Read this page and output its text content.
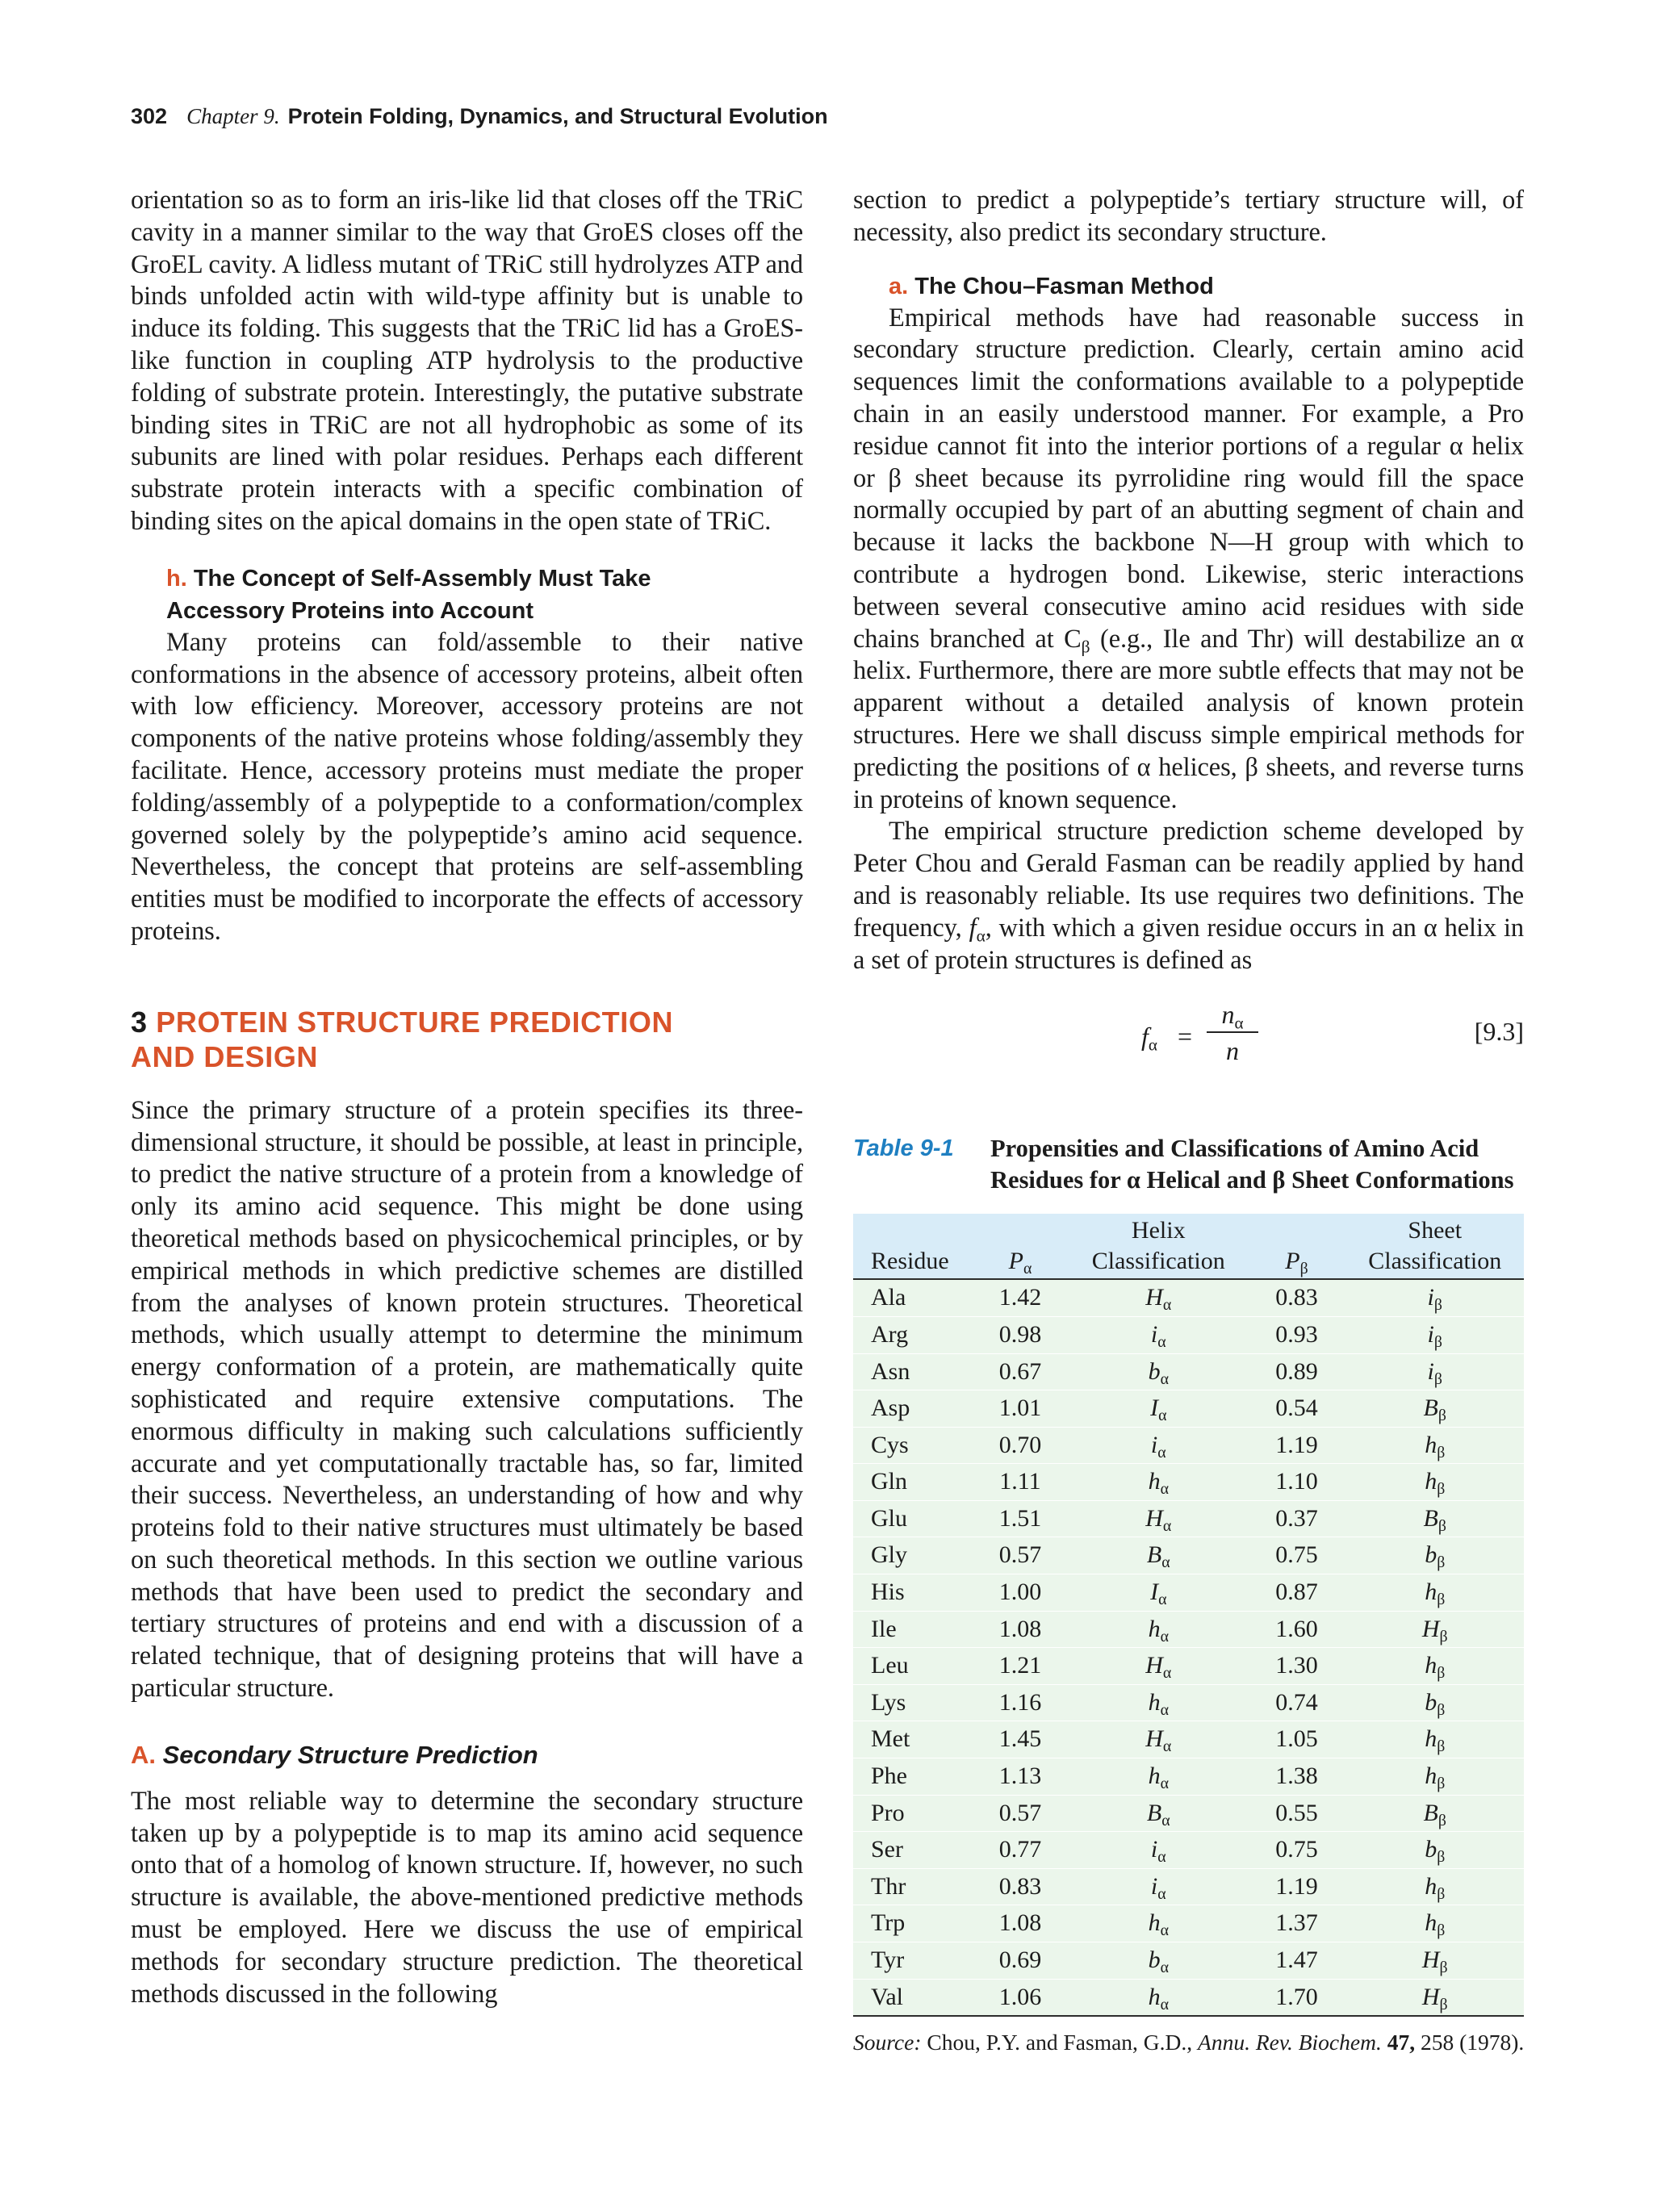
302 Chapter 9. Protein Folding, Dynamics, and Structural Evolution

orientation so as to form an iris-like lid that closes off the TRiC cavity in a manner similar to the way that GroES closes off the GroEL cavity. A lidless mutant of TRiC still hydrolyzes ATP and binds unfolded actin with wild-type affinity but is unable to induce its folding. This suggests that the TRiC lid has a GroES-like function in coupling ATP hydrolysis to the productive folding of substrate protein. Interestingly, the putative substrate binding sites in TRiC are not all hydrophobic as some of its subunits are lined with polar residues. Perhaps each different substrate protein interacts with a specific combination of binding sites on the apical domains in the open state of TRiC.

h. The Concept of Self-Assembly Must Take
Accessory Proteins into Account

Many proteins can fold/assemble to their native conformations in the absence of accessory proteins, albeit often with low efficiency. Moreover, accessory proteins are not components of the native proteins whose folding/assembly they facilitate. Hence, accessory proteins must mediate the proper folding/assembly of a polypeptide to a conformation/complex governed solely by the polypeptide’s amino acid sequence. Nevertheless, the concept that proteins are self-assembling entities must be modified to incorporate the effects of accessory proteins.

3 PROTEIN STRUCTURE PREDICTION
AND DESIGN

Since the primary structure of a protein specifies its three-dimensional structure, it should be possible, at least in principle, to predict the native structure of a protein from a knowledge of only its amino acid sequence. This might be done using theoretical methods based on physicochemical principles, or by empirical methods in which predictive schemes are distilled from the analyses of known protein structures. Theoretical methods, which usually attempt to determine the minimum energy conformation of a protein, are mathematically quite sophisticated and require extensive computations. The enormous difficulty in making such calculations sufficiently accurate and yet computationally tractable has, so far, limited their success. Nevertheless, an understanding of how and why proteins fold to their native structures must ultimately be based on such theoretical methods. In this section we outline various methods that have been used to predict the secondary and tertiary structures of proteins and end with a discussion of a related technique, that of designing proteins that will have a particular structure.

A. Secondary Structure Prediction

The most reliable way to determine the secondary structure taken up by a polypeptide is to map its amino acid sequence onto that of a homolog of known structure. If, however, no such structure is available, the above-mentioned predictive methods must be employed. Here we discuss the use of empirical methods for secondary structure prediction. The theoretical methods discussed in the following

section to predict a polypeptide’s tertiary structure will, of necessity, also predict its secondary structure.

a. The Chou–Fasman Method

Empirical methods have had reasonable success in secondary structure prediction. Clearly, certain amino acid sequences limit the conformations available to a polypeptide chain in an easily understood manner. For example, a Pro residue cannot fit into the interior portions of a regular α helix or β sheet because its pyrrolidine ring would fill the space normally occupied by part of an abutting segment of chain and because it lacks the backbone N—H group with which to contribute a hydrogen bond. Likewise, steric interactions between several consecutive amino acid residues with side chains branched at $C_\beta$ (e.g., Ile and Thr) will destabilize an α helix. Furthermore, there are more subtle effects that may not be apparent without a detailed analysis of known protein structures. Here we shall discuss simple empirical methods for predicting the positions of α helices, β sheets, and reverse turns in proteins of known sequence.

The empirical structure prediction scheme developed by Peter Chou and Gerald Fasman can be readily applied by hand and is reasonably reliable. Its use requires two definitions. The frequency, $f_\alpha$, with which a given residue occurs in an α helix in a set of protein structures is defined as

$f_\alpha$ =
$n_\alpha$
n
[9.3]
Table 9-1	Propensities and Classifications of Amino Acid
Residues for α Helical and β Sheet Conformations
Residue	$P_\alpha$	Helix
Classification	$P_\beta$	Sheet
Classification
Ala	1.42	$H_\alpha$	0.83	$i_\beta$
Arg	0.98	$i_\alpha$	0.93	$i_\beta$
Asn	0.67	$b_\alpha$	0.89	$i_\beta$
Asp	1.01	$I_\alpha$	0.54	$B_\beta$
Cys	0.70	$i_\alpha$	1.19	$h_\beta$
Gln	1.11	$h_\alpha$	1.10	$h_\beta$
Glu	1.51	$H_\alpha$	0.37	$B_\beta$
Gly	0.57	$B_\alpha$	0.75	$b_\beta$
His	1.00	$I_\alpha$	0.87	$h_\beta$
Ile	1.08	$h_\alpha$	1.60	$H_\beta$
Leu	1.21	$H_\alpha$	1.30	$h_\beta$
Lys	1.16	$h_\alpha$	0.74	$b_\beta$
Met	1.45	$H_\alpha$	1.05	$h_\beta$
Phe	1.13	$h_\alpha$	1.38	$h_\beta$
Pro	0.57	$B_\alpha$	0.55	$B_\beta$
Ser	0.77	$i_\alpha$	0.75	$b_\beta$
Thr	0.83	$i_\alpha$	1.19	$h_\beta$
Trp	1.08	$h_\alpha$	1.37	$h_\beta$
Tyr	0.69	$b_\alpha$	1.47	$H_\beta$
Val	1.06	$h_\alpha$	1.70	$H_\beta$
Source: Chou, P.Y. and Fasman, G.D., Annu. Rev. Biochem. 47, 258 (1978).
